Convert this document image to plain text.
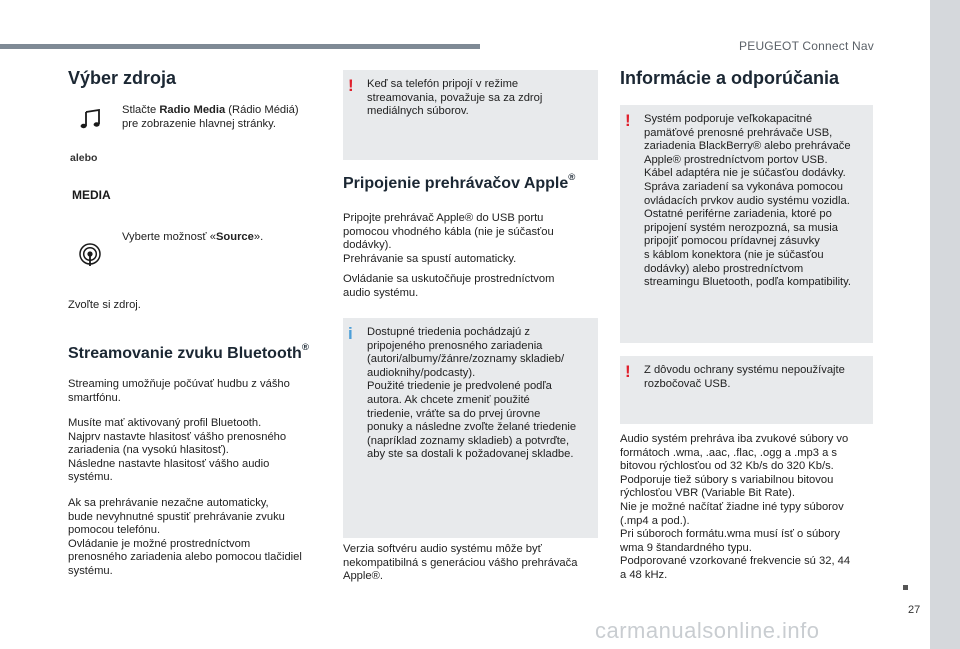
PEUGEOT Connect Nav
Výber zdroja

Stlačte Radio Media (Rádio Médiá)
pre zobrazenie hlavnej stránky.

alebo
MEDIA

Vyberte možnosť «Source».

Zvoľte si zdroj.

Streamovanie zvuku Bluetooth®

Streaming umožňuje počúvať hudbu z vášho
smartfónu.

Musíte mať aktivovaný profil Bluetooth.
Najprv nastavte hlasitosť vášho prenosného
zariadenia (na vysokú hlasitosť).
Následne nastavte hlasitosť vášho audio
systému.

Ak sa prehrávanie nezačne automaticky,
bude nevyhnutné spustiť prehrávanie zvuku
pomocou telefónu.
Ovládanie je možné prostredníctvom
prenosného zariadenia alebo pomocou tlačidiel
systému.

! Keď sa telefón pripojí v režime
streamovania, považuje sa za zdroj
mediálnych súborov.
Pripojenie prehrávačov Apple®

Pripojte prehrávač Apple® do USB portu
pomocou vhodného kábla (nie je súčasťou
dodávky).
Prehrávanie sa spustí automaticky.

Ovládanie sa uskutočňuje prostredníctvom
audio systému.

i Dostupné triedenia pochádzajú z
pripojeného prenosného zariadenia
(autori/albumy/žánre/zoznamy skladieb/
audioknihy/podcasty).
Použité triedenie je predvolené podľa
autora. Ak chcete zmeniť použité
triedenie, vráťte sa do prvej úrovne
ponuky a následne zvoľte želané triedenie
(napríklad zoznamy skladieb) a potvrďte,
aby ste sa dostali k požadovanej skladbe.

Verzia softvéru audio systému môže byť
nekompatibilná s generáciou vášho prehrávača
Apple®.

Informácie a odporúčania
! Systém podporuje veľkokapacitné
pamäťové prenosné prehrávače USB,
zariadenia BlackBerry® alebo prehrávače
Apple® prostredníctvom portov USB.
Kábel adaptéra nie je súčasťou dodávky.
Správa zariadení sa vykonáva pomocou
ovládacích prvkov audio systému vozidla.
Ostatné periférne zariadenia, ktoré po
pripojení systém nerozpozná, sa musia
pripojiť pomocou prídavnej zásuvky
s káblom konektora (nie je súčasťou
dodávky) alebo prostredníctvom
streamingu Bluetooth, podľa kompatibility.
! Z dôvodu ochrany systému nepoužívajte
rozbočovač USB.

Audio systém prehráva iba zvukové súbory vo
formátoch .wma, .aac, .flac, .ogg a .mp3 a s
bitovou rýchlosťou od 32 Kb/s do 320 Kb/s.
Podporuje tiež súbory s variabilnou bitovou
rýchlosťou VBR (Variable Bit Rate).
Nie je možné načítať žiadne iné typy súborov
(.mp4 a pod.).
Pri súboroch formátu.wma musí ísť o súbory
wma 9 štandardného typu.
Podporované vzorkované frekvencie sú 32, 44
a 48 kHz.

27
carmanualsonline.info
